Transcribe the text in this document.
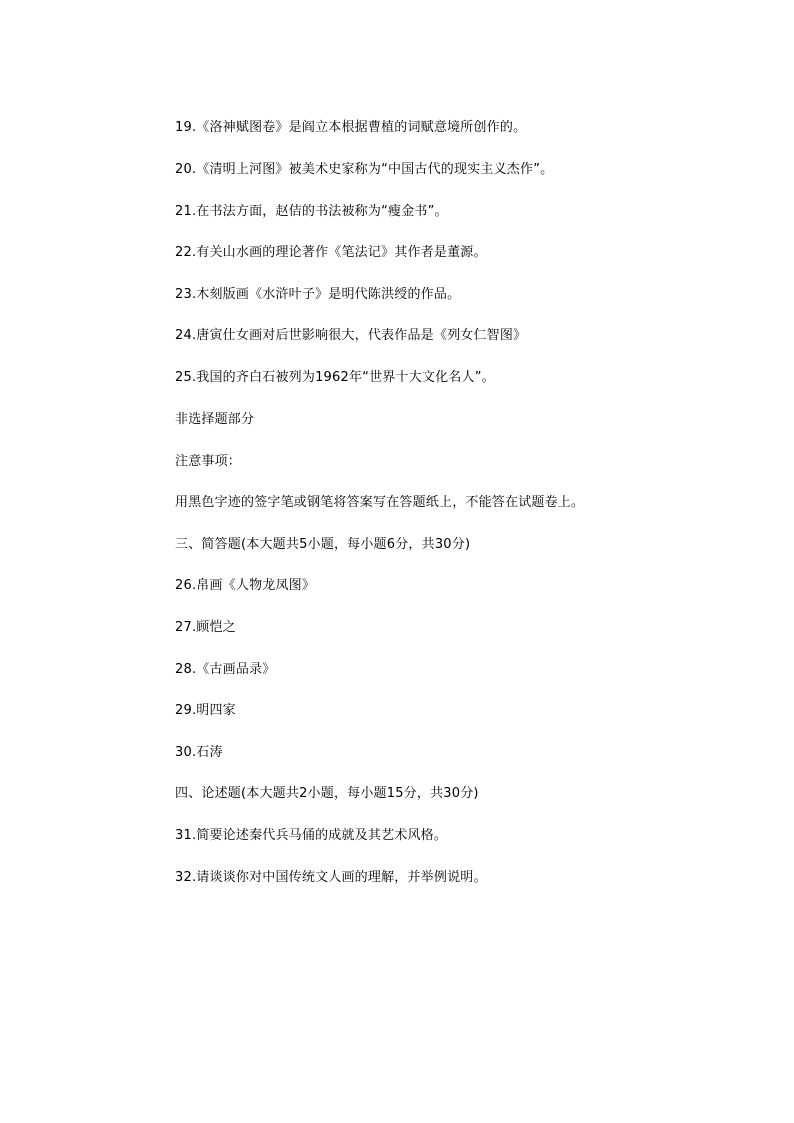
19.《洛神赋图卷》是阎立本根据曹植的词赋意境所创作的。
20.《清明上河图》被美术史家称为“中国古代的现实主义杰作”。
21.在书法方面，赵佶的书法被称为“瘦金书”。
22.有关山水画的理论著作《笔法记》其作者是董源。
23.木刻版画《水浒叶子》是明代陈洪绶的作品。
24.唐寅仕女画对后世影响很大，代表作品是《列女仁智图》
25.我国的齐白石被列为1962年“世界十大文化名人”。
非选择题部分
注意事项：
用黑色字迹的签字笔或钢笔将答案写在答题纸上，不能答在试题卷上。
三、简答题(本大题共5小题，每小题6分，共30分)
26.帛画《人物龙凤图》
27.顾恺之
28.《古画品录》
29.明四家
30.石涛
四、论述题(本大题共2小题，每小题15分，共30分)
31.简要论述秦代兵马俑的成就及其艺术风格。
32.请谈谈你对中国传统文人画的理解，并举例说明。
